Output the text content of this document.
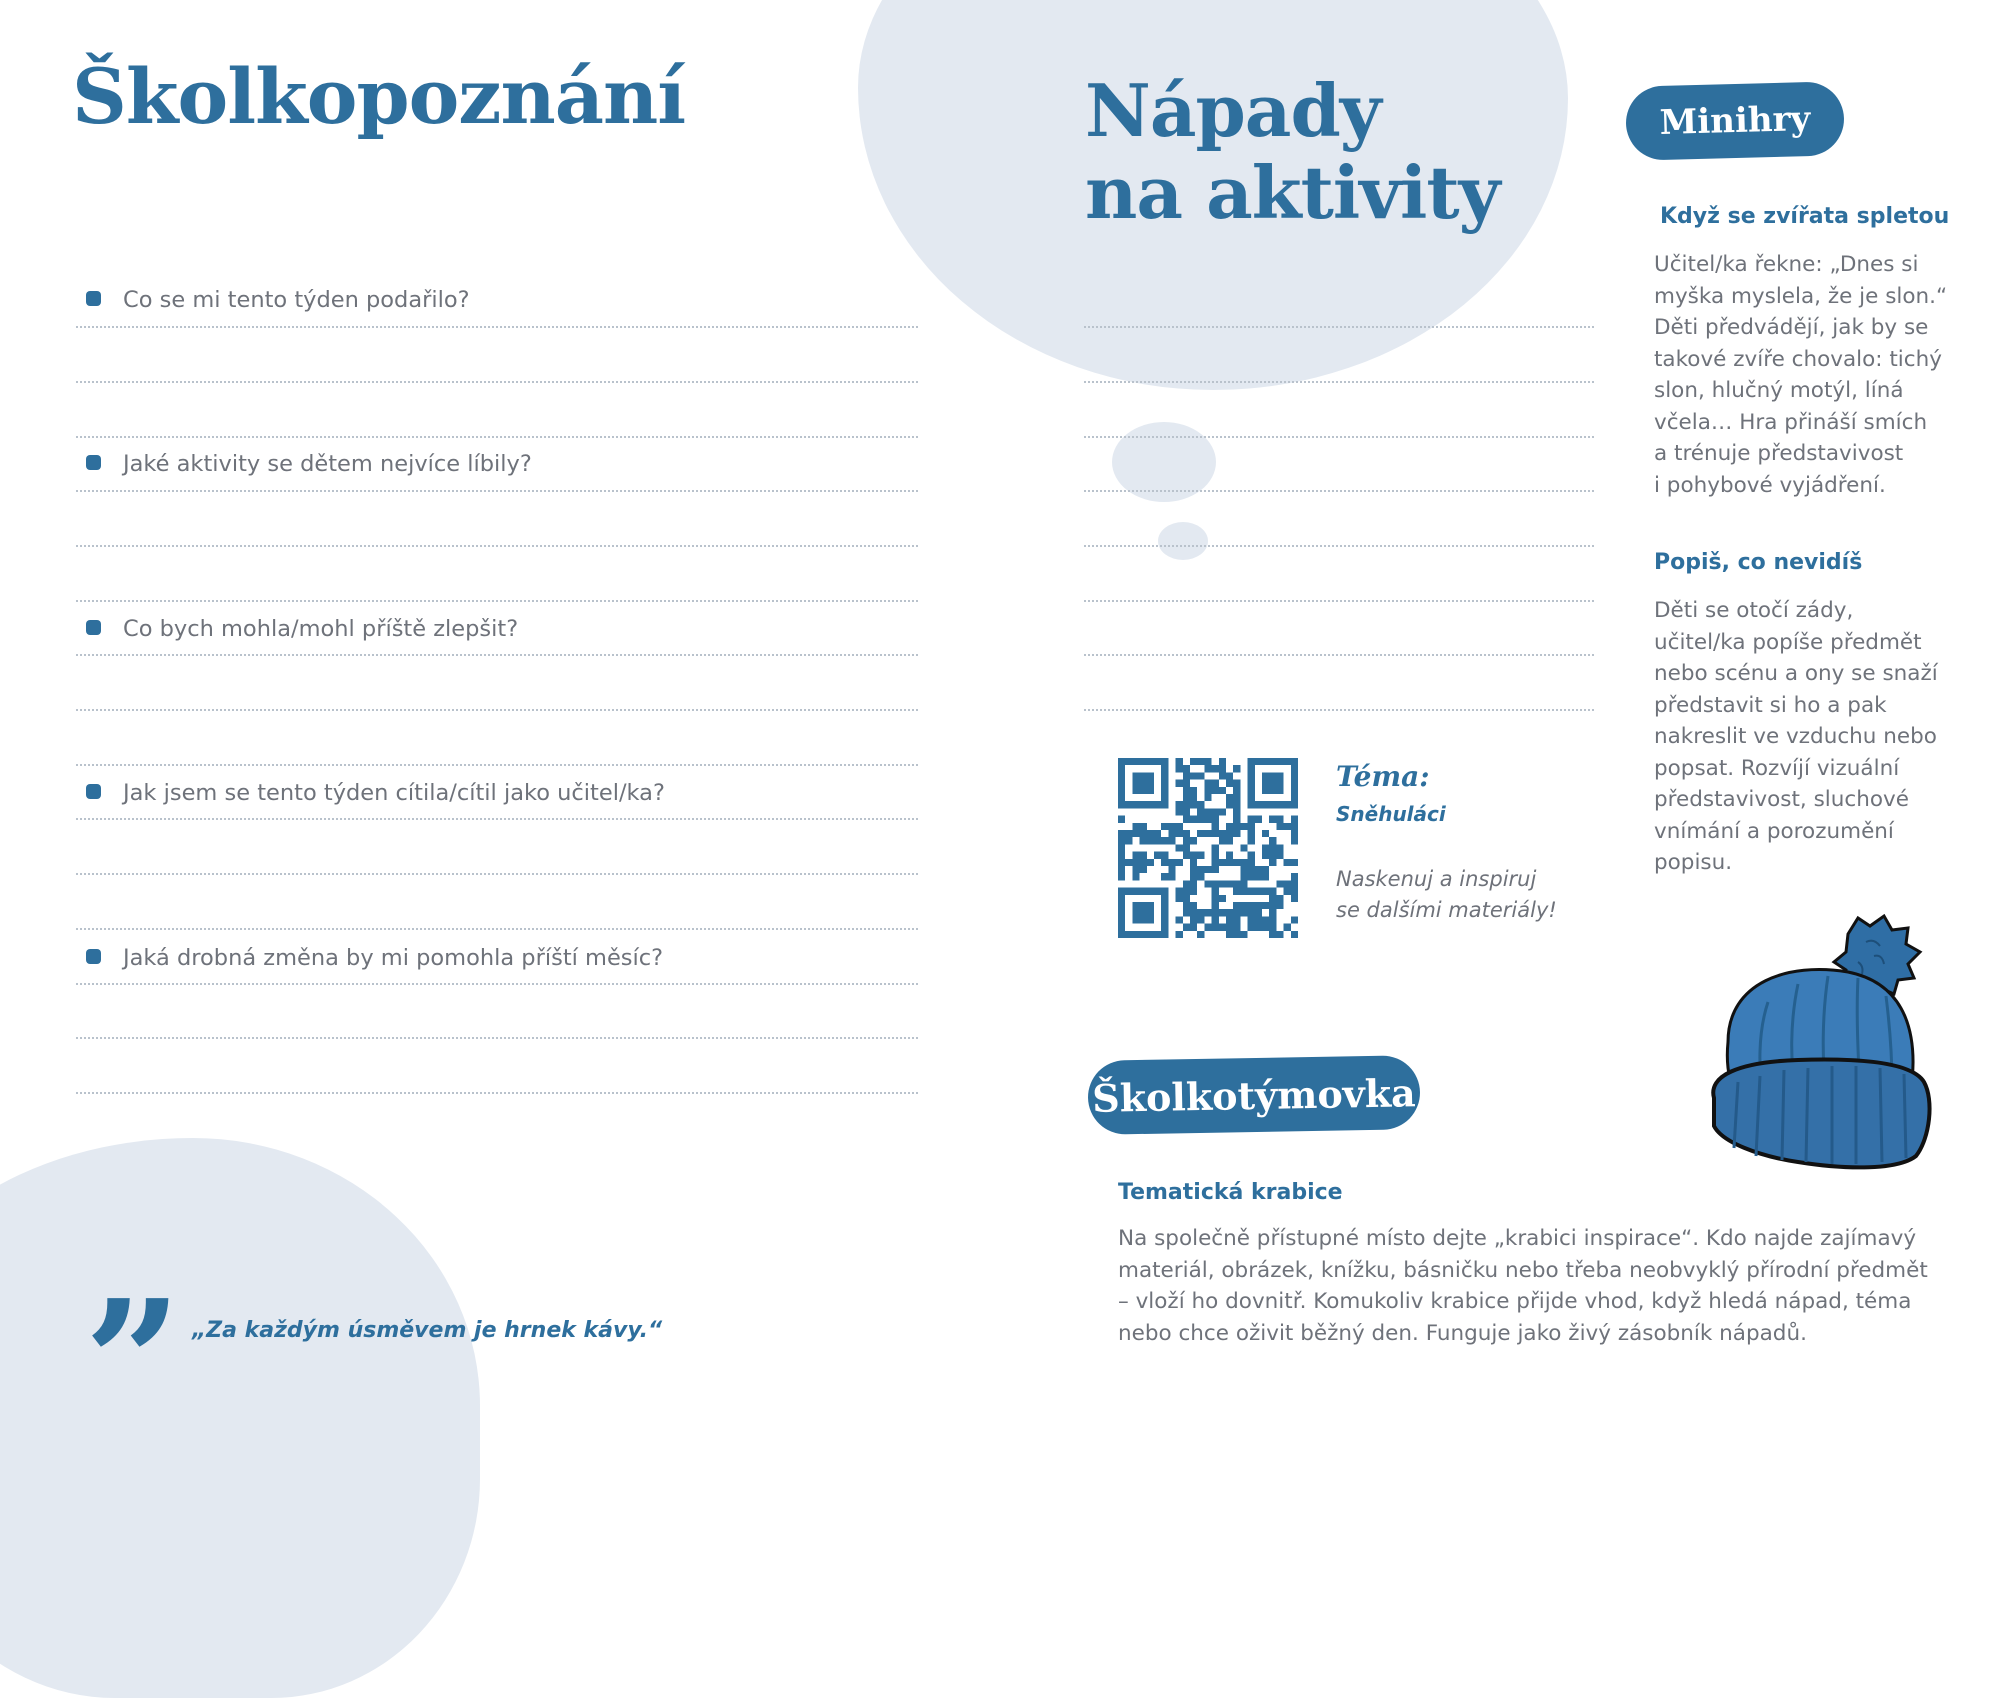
Školkopoznání
Co se mi tento týden podařilo?
Jaké aktivity se dětem nejvíce líbily?
Co bych mohla/mohl příště zlepšit?
Jak jsem se tento týden cítila/cítil jako učitel/ka?
Jaká drobná změna by mi pomohla příští měsíc?
” „Za každým úsměvem je hrnek kávy.“
Nápady
na aktivity
Téma:
Sněhuláci
Naskenuj a inspiruj
se dalšími materiály!
Školkotýmovka
Tematická krabice
Na společně přístupné místo dejte „krabici inspirace“. Kdo najde zajímavý
materiál, obrázek, knížku, básničku nebo třeba neobvyklý přírodní předmět
– vloží ho dovnitř. Komukoliv krabice přijde vhod, když hledá nápad, téma
nebo chce oživit běžný den. Funguje jako živý zásobník nápadů.
Minihry
Když se zvířata spletou
Učitel/ka řekne: „Dnes si
myška myslela, že je slon.“
Děti předvádějí, jak by se
takové zvíře chovalo: tichý
slon, hlučný motýl, líná
včela… Hra přináší smích
a trénuje představivost
i pohybové vyjádření.
Popiš, co nevidíš
Děti se otočí zády,
učitel/ka popíše předmět
nebo scénu a ony se snaží
představit si ho a pak
nakreslit ve vzduchu nebo
popsat. Rozvíjí vizuální
představivost, sluchové
vnímání a porozumění
popisu.
